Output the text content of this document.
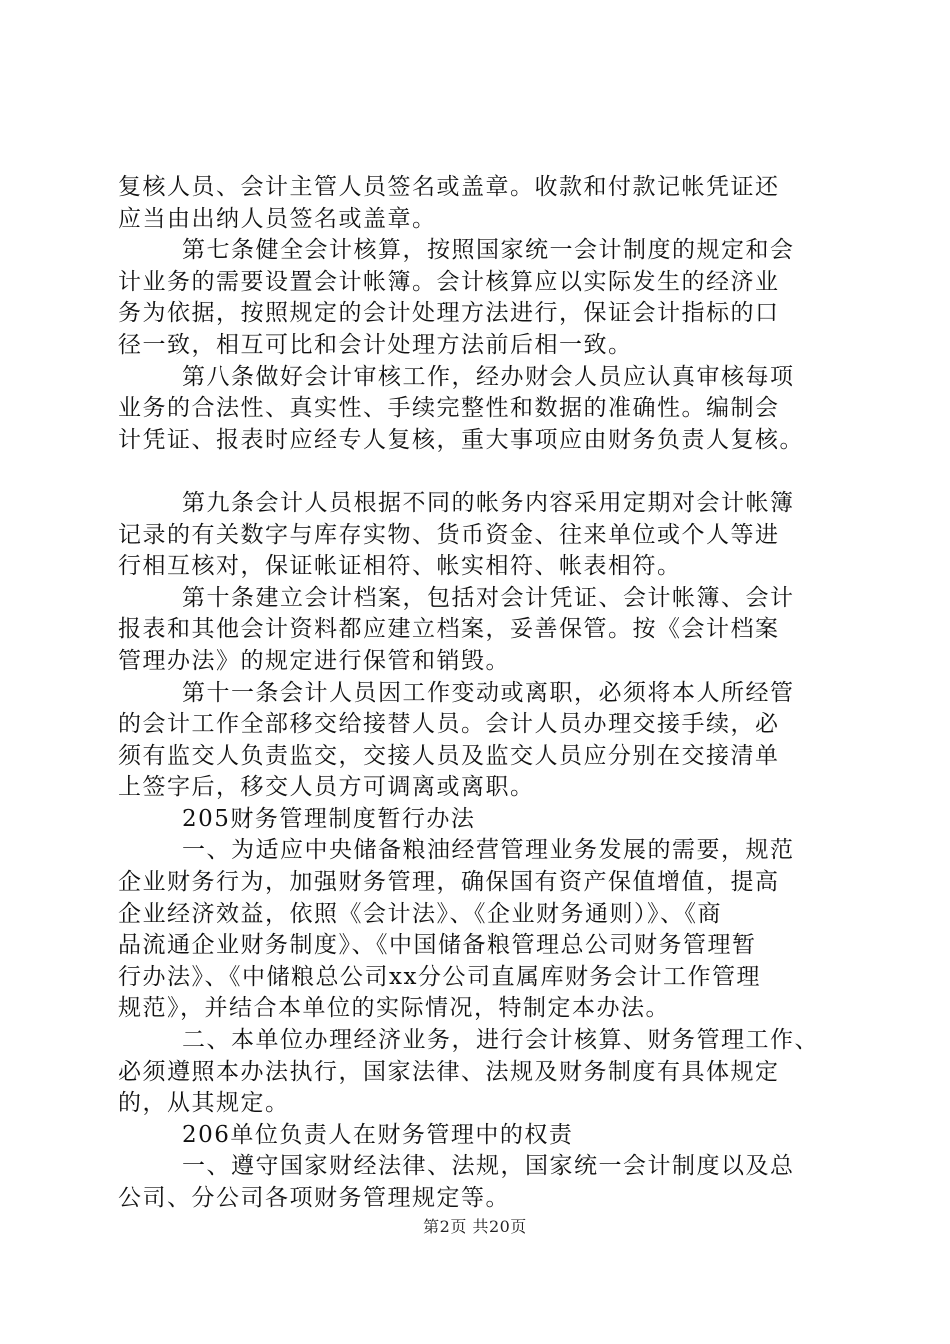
复核人员、会计主管人员签名或盖章。收款和付款记帐凭证还
应当由出纳人员签名或盖章。
第七条健全会计核算，按照国家统一会计制度的规定和会
计业务的需要设置会计帐簿。会计核算应以实际发生的经济业
务为依据，按照规定的会计处理方法进行，保证会计指标的口
径一致，相互可比和会计处理方法前后相一致。
第八条做好会计审核工作，经办财会人员应认真审核每项
业务的合法性、真实性、手续完整性和数据的准确性。编制会
计凭证、报表时应经专人复核，重大事项应由财务负责人复核。
第九条会计人员根据不同的帐务内容采用定期对会计帐簿
记录的有关数字与库存实物、货币资金、往来单位或个人等进
行相互核对，保证帐证相符、帐实相符、帐表相符。
第十条建立会计档案，包括对会计凭证、会计帐簿、会计
报表和其他会计资料都应建立档案，妥善保管。按《会计档案
管理办法》的规定进行保管和销毁。
第十一条会计人员因工作变动或离职，必须将本人所经管
的会计工作全部移交给接替人员。会计人员办理交接手续，必
须有监交人负责监交，交接人员及监交人员应分别在交接清单
上签字后，移交人员方可调离或离职。
205财务管理制度暂行办法
一、为适应中央储备粮油经营管理业务发展的需要，规范
企业财务行为，加强财务管理，确保国有资产保值增值，提高
企业经济效益，依照《会计法》、《企业财务通则）》、《商
品流通企业财务制度》、《中国储备粮管理总公司财务管理暂
行办法》、《中储粮总公司xx分公司直属库财务会计工作管理
规范》，并结合本单位的实际情况，特制定本办法。
二、本单位办理经济业务，进行会计核算、财务管理工作、
必须遵照本办法执行，国家法律、法规及财务制度有具体规定
的，从其规定。
206单位负责人在财务管理中的权责
一、遵守国家财经法律、法规，国家统一会计制度以及总
公司、分公司各项财务管理规定等。
第2页 共20页
